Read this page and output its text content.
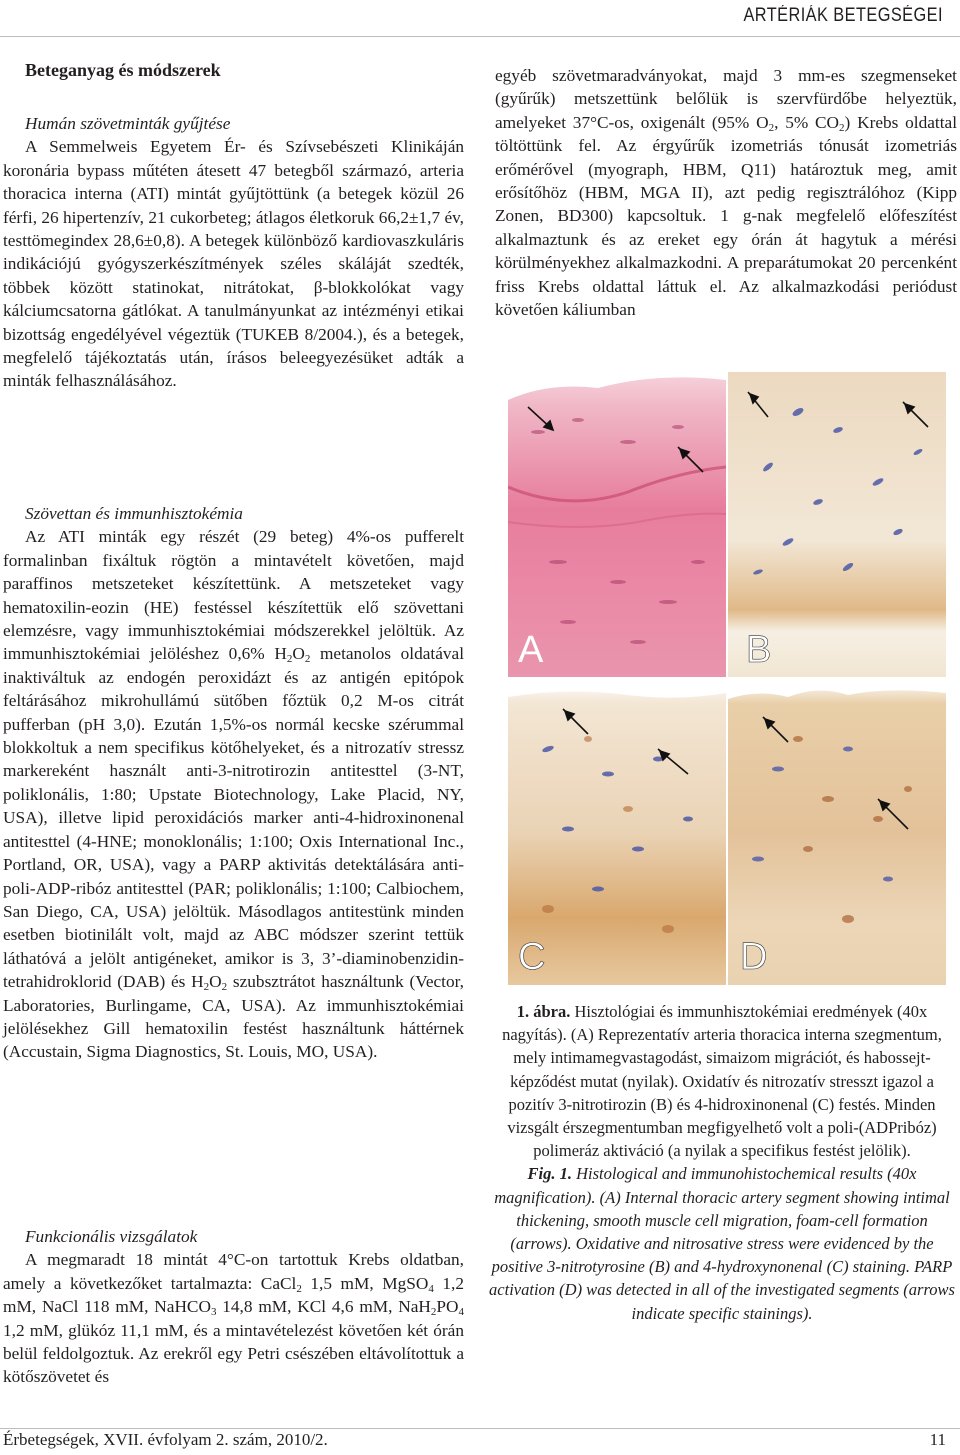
ARTÉRIÁK BETEGSÉGEI
Beteganyag és módszerek
Humán szövetminták gyűjtése

A Semmelweis Egyetem Ér- és Szívsebészeti Klinikáján koronária bypass műtéten átesett 47 betegből származó, arteria thoracica interna (ATI) mintát gyűjtöttünk (a betegek közül 26 férfi, 26 hipertenzív, 21 cukorbeteg; átlagos életkoruk 66,2±1,7 év, testtömegindex 28,6±0,8). A betegek különböző kardiovaszkuláris indikációjú gyógyszerkészítmények széles skáláját szedték, többek között statinokat, nitrátokat, β-blokkolókat vagy kálciumcsatorna gátlókat. A tanulmányunkat az intézményi etikai bizottság engedélyével végeztük (TUKEB 8/2004.), és a betegek, megfelelő tájékoztatás után, írásos beleegyezésüket adták a minták felhasználásához.

Szövettan és immunhisztokémia

Az ATI minták egy részét (29 beteg) 4%-os pufferelt formalinban fixáltuk rögtön a mintavételt követően, majd paraffinos metszeteket készítettünk. A metszeteket vagy hematoxilin-eozin (HE) festéssel készítettük elő szövettani elemzésre, vagy immunhisztokémiai módszerekkel jelöltük. Az immunhisztokémiai jelöléshez 0,6% $H_2O_2$ metanolos oldatával inaktiváltuk az endogén peroxidázt és az antigén epitópok feltárásához mikrohullámú sütőben főztük 0,2 M-os citrát pufferban (pH 3,0). Ezután 1,5%-os normál kecske szérummal blokkoltuk a nem specifikus kötőhelyeket, és a nitrozatív stressz markereként használt anti-3-nitrotirozin antitesttel (3-NT, poliklonális, 1:80; Upstate Biotechnology, Lake Placid, NY, USA), illetve lipid peroxidációs marker anti-4-hidroxinonenal antitesttel (4-HNE; monoklonális; 1:100; Oxis International Inc., Portland, OR, USA), vagy a PARP aktivitás detektálására anti-poli-ADP-ribóz antitesttel (PAR; poliklonális; 1:100; Calbiochem, San Diego, CA, USA) jelöltük. Másodlagos antitestünk minden esetben biotinilált volt, majd az ABC módszer szerint tettük láthatóvá a jelölt antigéneket, amikor is 3, 3’-diaminobenzidin-tetrahidroklorid (DAB) és $H_2O_2$ szubsztrátot használtunk (Vector, Laboratories, Burlingame, CA, USA). Az immunhisztokémiai jelölésekhez Gill hematoxilin festést használtunk háttérnek (Accustain, Sigma Diagnostics, St. Louis, MO, USA).

Funkcionális vizsgálatok

A megmaradt 18 mintát 4°C-on tartottuk Krebs oldatban, amely a következőket tartalmazta: CaCl$_2$ 1,5 mM, MgSO$_4$ 1,2 mM, NaCl 118 mM, NaHCO$_3$ 14,8 mM, KCl 4,6 mM, $NaH_2PO_4$ 1,2 mM, glükóz 11,1 mM, és a mintavételezést követően két órán belül feldolgoztuk. Az erekről egy Petri csészében eltávolítottuk a kötőszövetet és

egyéb szövetmaradványokat, majd 3 mm-es szegmenseket (gyűrűk) metszettünk belőlük is szervfürdőbe helyeztük, amelyeket 37°C-os, oxigenált (95% $O_2$, 5% $CO_2$) Krebs oldattal töltöttünk fel. Az érgyűrűk izometriás tónusát izometriás erőmérővel (myograph, HBM, Q11) határoztuk meg, amit erősítőhöz (HBM, MGA II), azt pedig regisztrálóhoz (Kipp Zonen, BD300) kapcsoltuk. 1 g-nak megfelelő előfeszítést alkalmaztunk és az ereket egy órán át hagytuk a mérési körülményekhez alkalmazkodni. A preparátumokat 20 percenként friss Krebs oldattal láttuk el. Az alkalmazkodási periódust követően káliumban

A	B
C	D
1. ábra. Hisztológiai és immunhisztokémiai eredmények (40x nagyítás). (A) Reprezentatív arteria thoracica interna szegmentum, mely intimamegvastagodást, simaizom migrációt, és habossejt-képződést mutat (nyilak). Oxidatív és nitrozatív stresszt igazol a pozitív 3-nitrotirozin (B) és 4-hidroxinonenal (C) festés. Minden vizsgált érszegmentumban megfigyelhető volt a poli-(ADPribóz) polimeráz aktiváció (a nyilak a specifikus festést jelölik).
Fig. 1. Histological and immunohistochemical results (40x magnification). (A) Internal thoracic artery segment showing intimal thickening, smooth muscle cell migration, foam-cell formation (arrows). Oxidative and nitrosative stress were evidenced by the positive 3-nitrotyrosine (B) and 4-hydroxynonenal (C) staining. PARP activation (D) was detected in all of the investigated segments (arrows indicate specific stainings).
Érbetegségek, XVII. évfolyam 2. szám, 2010/2.	11
